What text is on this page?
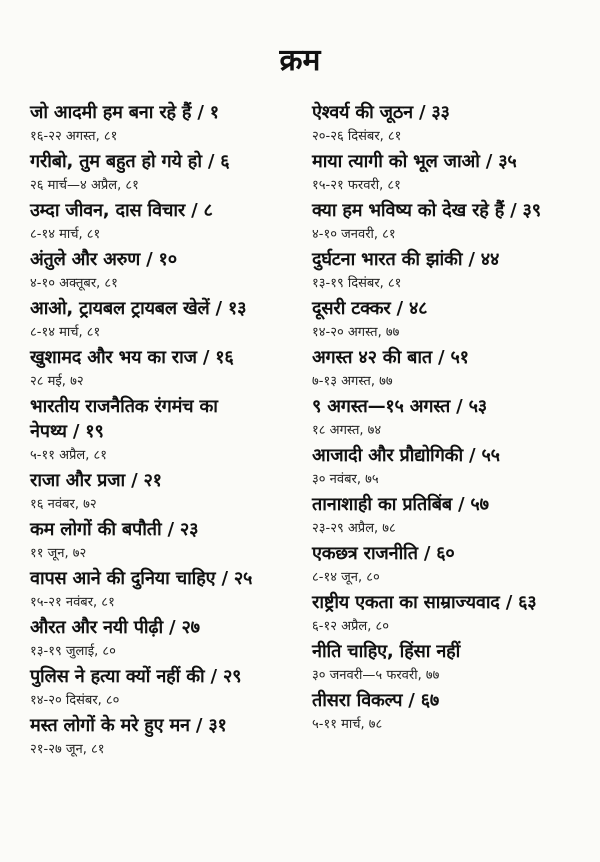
क्रम
जो आदमी हम बना रहे हैं / १
१६-२२ अगस्त, ८१
गरीबो, तुम बहुत हो गये हो / ६
२६ मार्च—४ अप्रैल, ८१
उम्दा जीवन, दास विचार / ८
८-१४ मार्च, ८१
अंतुले और अरुण / १०
४-१० अक्तूबर, ८१
आओ, ट्रायबल ट्रायबल खेलें / १३
८-१४ मार्च, ८१
खुशामद और भय का राज / १६
२८ मई, ७२
भारतीय राजनैतिक रंगमंच का
नेपथ्य / १९
५-११ अप्रैल, ८१
राजा और प्रजा / २१
१६ नवंबर, ७२
कम लोगों की बपौती / २३
११ जून, ७२
वापस आने की दुनिया चाहिए / २५
१५-२१ नवंबर, ८१
औरत और नयी पीढ़ी / २७
१३-१९ जुलाई, ८०
पुलिस ने हत्या क्यों नहीं की / २९
१४-२० दिसंबर, ८०
मस्त लोगों के मरे हुए मन / ३१
२१-२७ जून, ८१
ऐश्वर्य की जूठन / ३३
२०-२६ दिसंबर, ८१
माया त्यागी को भूल जाओ / ३५
१५-२१ फरवरी, ८१
क्या हम भविष्य को देख रहे हैं / ३९
४-१० जनवरी, ८१
दुर्घटना भारत की झांकी / ४४
१३-१९ दिसंबर, ८१
दूसरी टक्कर / ४८
१४-२० अगस्त, ७७
अगस्त ४२ की बात / ५१
७-१३ अगस्त, ७७
९ अगस्त—१५ अगस्त / ५३
१८ अगस्त, ७४
आजादी और प्रौद्योगिकी / ५५
३० नवंबर, ७५
तानाशाही का प्रतिबिंब / ५७
२३-२९ अप्रैल, ७८
एकछत्र राजनीति / ६०
८-१४ जून, ८०
राष्ट्रीय एकता का साम्राज्यवाद / ६३
६-१२ अप्रैल, ८०
नीति चाहिए, हिंसा नहीं
३० जनवरी—५ फरवरी, ७७
तीसरा विकल्प / ६७
५-११ मार्च, ७८
